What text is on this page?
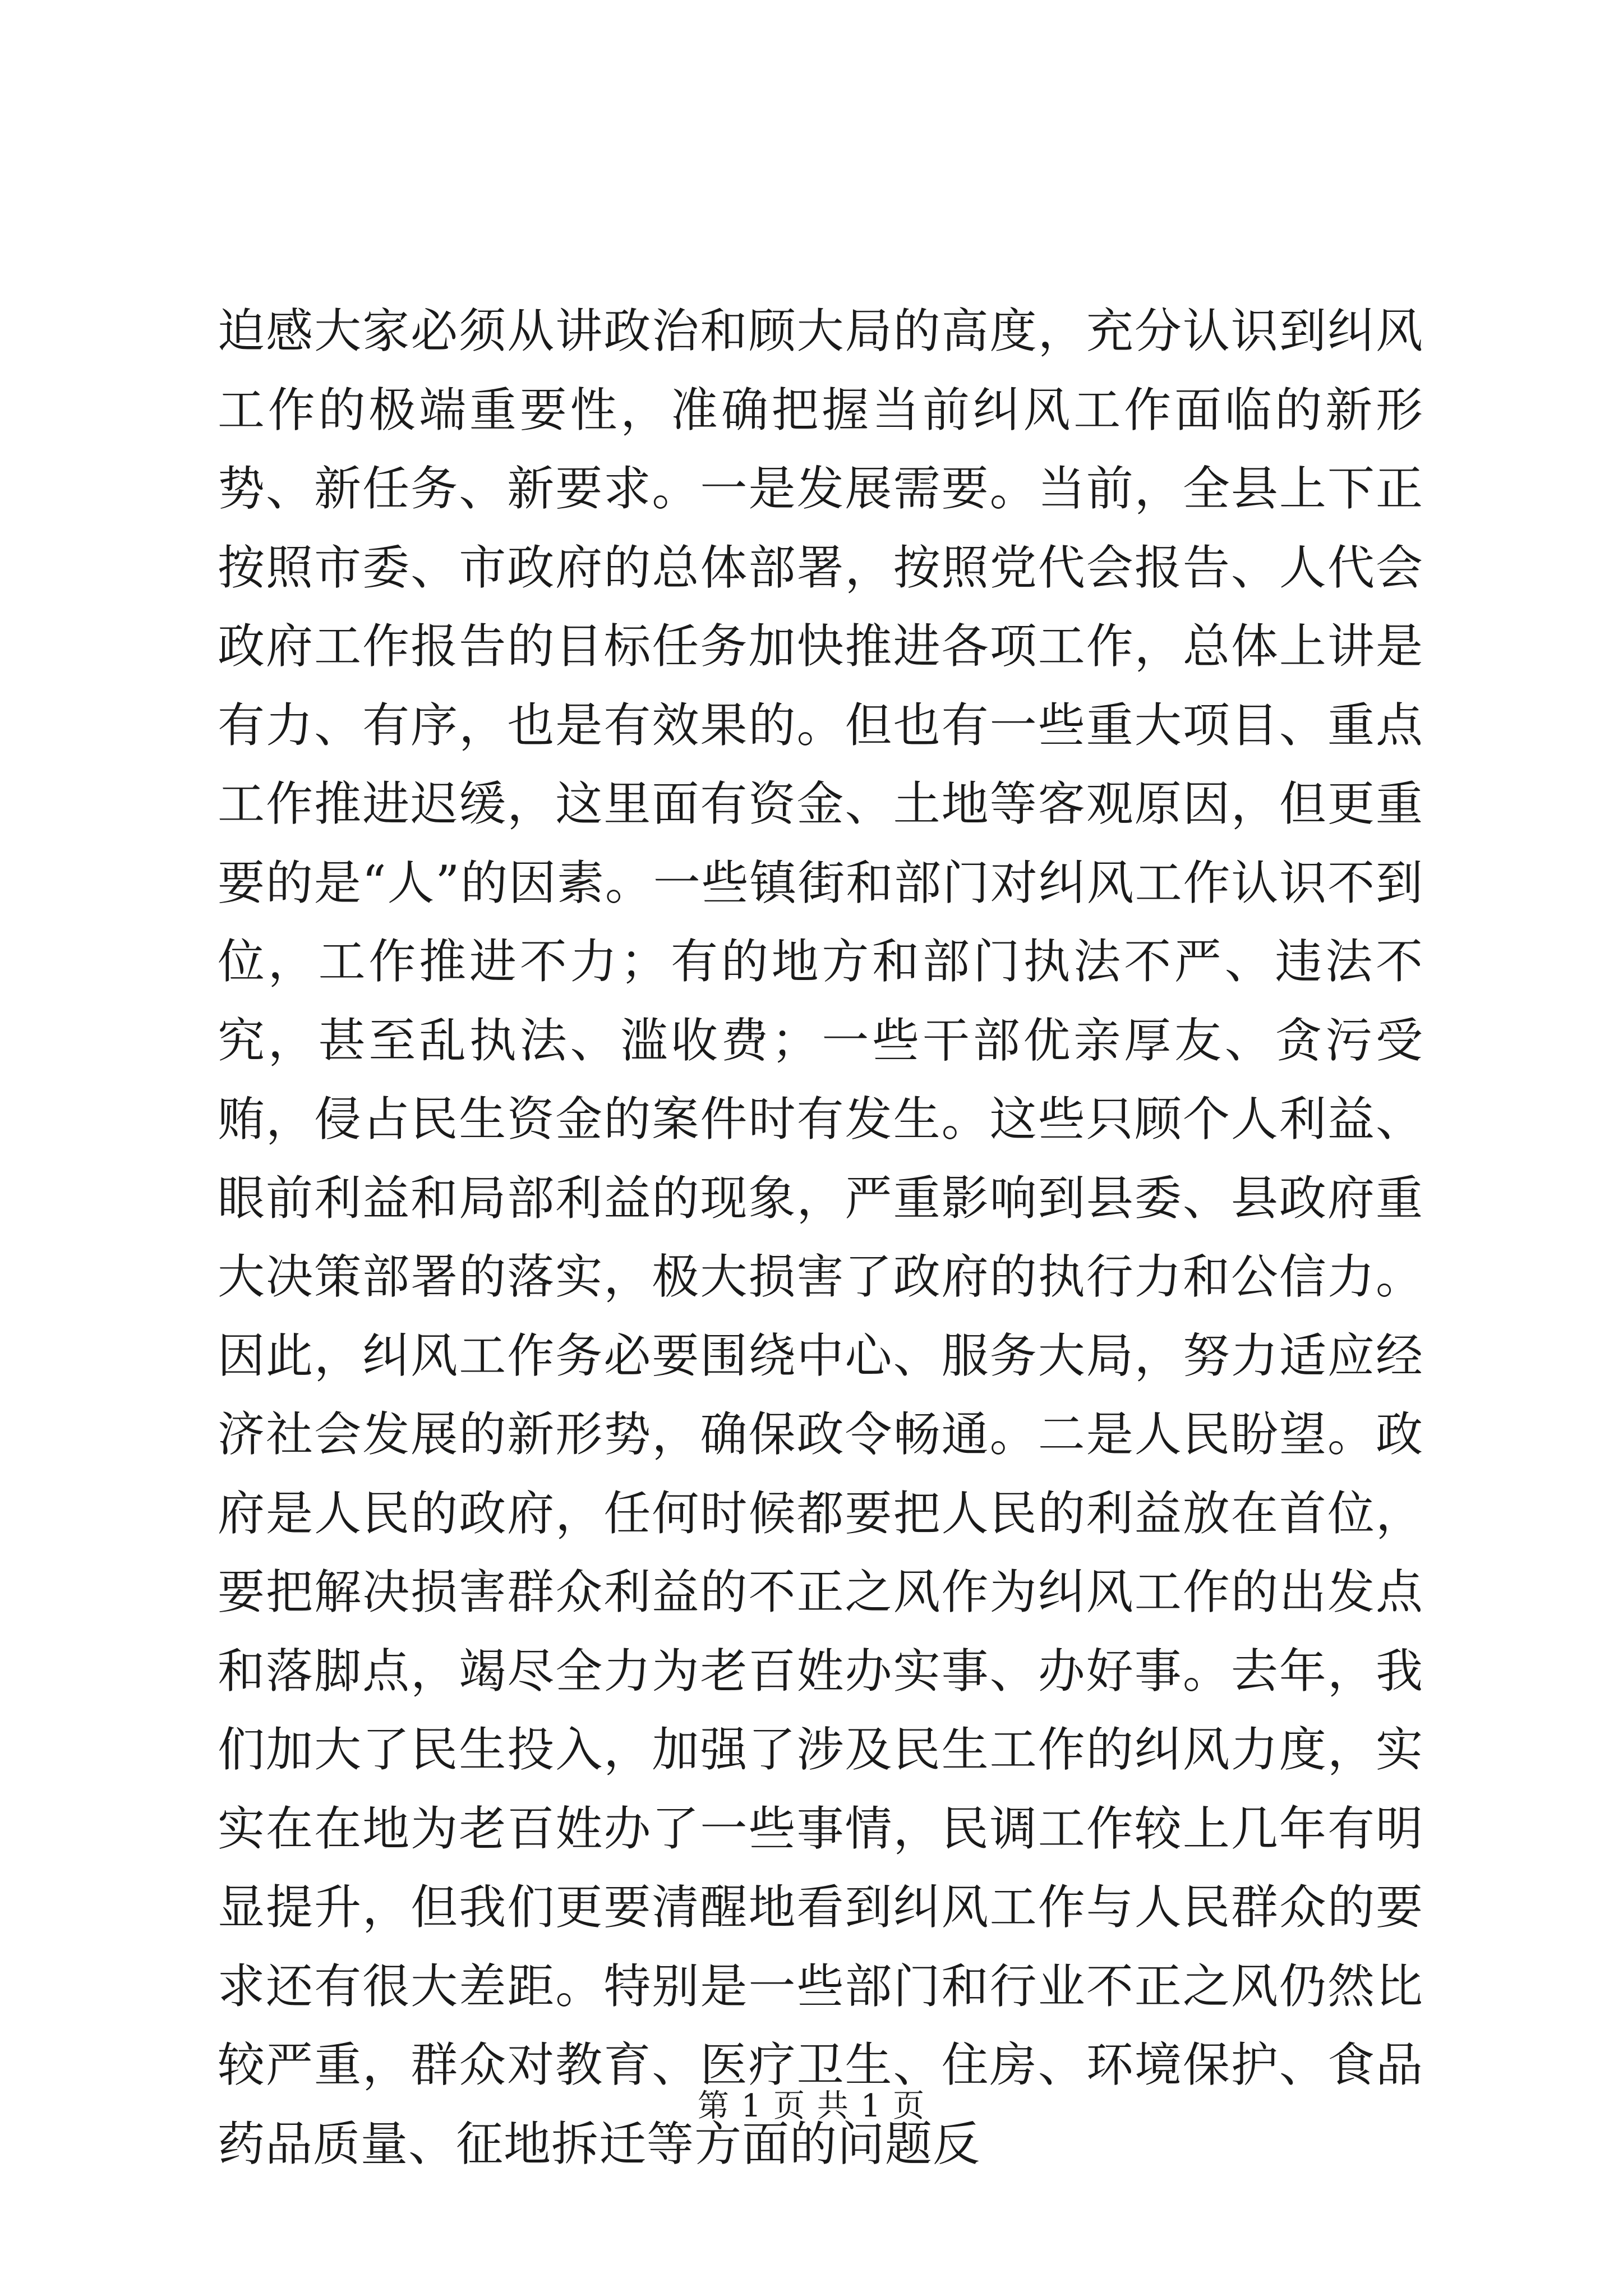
迫感大家必须从讲政治和顾大局的高度，充分认识到纠风工作的极端重要性，准确把握当前纠风工作面临的新形势、新任务、新要求。一是发展需要。当前，全县上下正按照市委、市政府的总体部署，按照党代会报告、人代会政府工作报告的目标任务加快推进各项工作，总体上讲是有力、有序，也是有效果的。但也有一些重大项目、重点工作推进迟缓，这里面有资金、土地等客观原因，但更重要的是“人”的因素。一些镇街和部门对纠风工作认识不到位，工作推进不力；有的地方和部门执法不严、违法不究，甚至乱执法、滥收费；一些干部优亲厚友、贪污受贿，侵占民生资金的案件时有发生。这些只顾个人利益、眼前利益和局部利益的现象，严重影响到县委、县政府重大决策部署的落实，极大损害了政府的执行力和公信力。因此，纠风工作务必要围绕中心、服务大局，努力适应经济社会发展的新形势，确保政令畅通。二是人民盼望。政府是人民的政府，任何时候都要把人民的利益放在首位，要把解决损害群众利益的不正之风作为纠风工作的出发点和落脚点，竭尽全力为老百姓办实事、办好事。去年，我们加大了民生投入，加强了涉及民生工作的纠风力度，实实在在地为老百姓办了一些事情，民调工作较上几年有明显提升，但我们更要清醒地看到纠风工作与人民群众的要求还有很大差距。特别是一些部门和行业不正之风仍然比较严重，群众对教育、医疗卫生、住房、环境保护、食品药品质量、征地拆迁等方面的问题反

第 1 页 共 1 页
